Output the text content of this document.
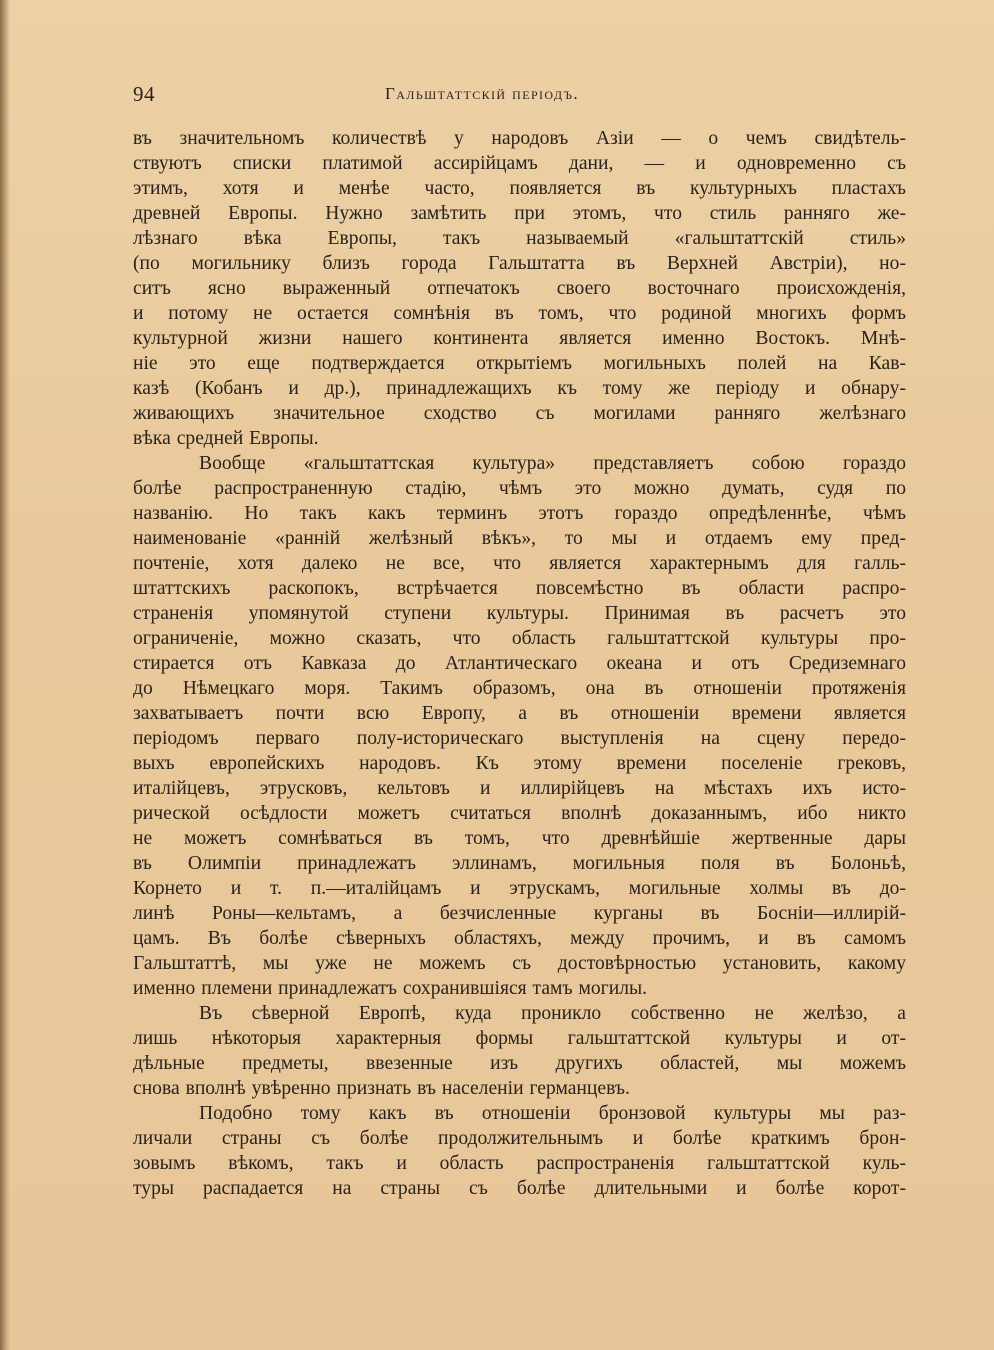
94	Гальштаттскій періодъ.
въ значительномъ количествѣ у народовъ Азіи — о чемъ свидѣтель-
ствуютъ списки платимой ассирійцамъ дани, — и одновременно съ
этимъ, хотя и менѣе часто, появляется въ культурныхъ пластахъ
древней Европы. Нужно замѣтить при этомъ, что стиль ранняго же-
лѣзнаго вѣка Европы, такъ называемый «гальштаттскій стиль»
(по могильнику близъ города Гальштатта въ Верхней Австріи), но-
ситъ ясно выраженный отпечатокъ своего восточнаго происхожденія,
и потому не остается сомнѣнія въ томъ, что родиной многихъ формъ
культурной жизни нашего континента является именно Востокъ. Мнѣ-
ніе это еще подтверждается открытіемъ могильныхъ полей на Кав-
казѣ (Кобанъ и др.), принадлежащихъ къ тому же періоду и обнару-
живающихъ значительное сходство съ могилами ранняго желѣзнаго
вѣка средней Европы.
Вообще «гальштаттская культура» представляетъ собою гораздо
болѣе распространенную стадію, чѣмъ это можно думать, судя по
названію. Но такъ какъ терминъ этотъ гораздо опредѣленнѣе, чѣмъ
наименованіе «ранній желѣзный вѣкъ», то мы и отдаемъ ему пред-
почтеніе, хотя далеко не все, что является характернымъ для галль-
штаттскихъ раскопокъ, встрѣчается повсемѣстно въ области распро-
страненія упомянутой ступени культуры. Принимая въ расчетъ это
ограниченіе, можно сказать, что область гальштаттской культуры про-
стирается отъ Кавказа до Атлантическаго океана и отъ Средиземнаго
до Нѣмецкаго моря. Такимъ образомъ, она въ отношеніи протяженія
захватываетъ почти всю Европу, а въ отношеніи времени является
періодомъ перваго полу-историческаго выступленія на сцену передо-
выхъ европейскихъ народовъ. Къ этому времени поселеніе грековъ,
италійцевъ, этрусковъ, кельтовъ и иллирійцевъ на мѣстахъ ихъ исто-
рической осѣдлости можетъ считаться вполнѣ доказаннымъ, ибо никто
не можетъ сомнѣваться въ томъ, что древнѣйшіе жертвенные дары
въ Олимпіи принадлежатъ эллинамъ, могильныя поля въ Болоньѣ,
Корнето и т. п.—италійцамъ и этрускамъ, могильные холмы въ до-
линѣ Роны—кельтамъ, а безчисленные курганы въ Босніи—иллирій-
цамъ. Въ болѣе сѣверныхъ областяхъ, между прочимъ, и въ самомъ
Гальштаттѣ, мы уже не можемъ съ достовѣрностью установить, какому
именно племени принадлежатъ сохранившіяся тамъ могилы.
Въ сѣверной Европѣ, куда проникло собственно не желѣзо, а
лишь нѣкоторыя характерныя формы гальштаттской культуры и от-
дѣльные предметы, ввезенные изъ другихъ областей, мы можемъ
снова вполнѣ увѣренно признать въ населеніи германцевъ.
Подобно тому какъ въ отношеніи бронзовой культуры мы раз-
личали страны съ болѣе продолжительнымъ и болѣе краткимъ брон-
зовымъ вѣкомъ, такъ и область распространенія гальштаттской куль-
туры распадается на страны съ болѣе длительными и болѣе корот-
